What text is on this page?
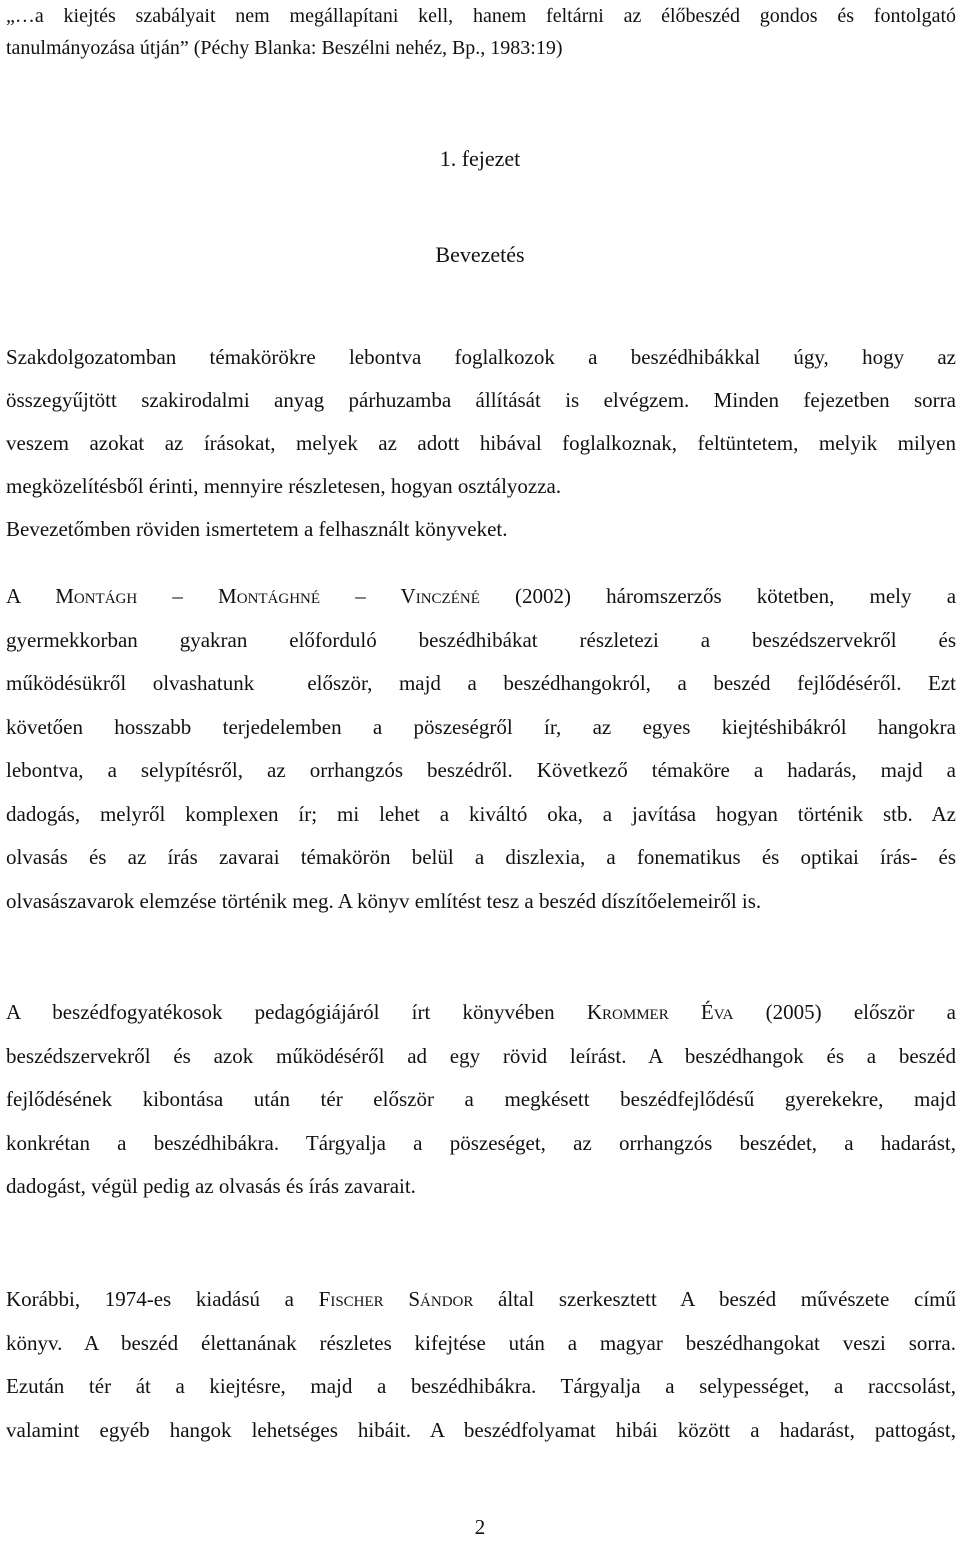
„…a kiejtés szabályait nem megállapítani kell, hanem feltárni az élőbeszéd gondos és fontolgató
tanulmányozása útján” (Péchy Blanka: Beszélni nehéz, Bp., 1983:19)
1. fejezet
Bevezetés
Szakdolgozatomban témakörökre lebontva foglalkozok a beszédhibákkal úgy, hogy az
összegyűjtött szakirodalmi anyag párhuzamba állítását is elvégzem. Minden fejezetben sorra
veszem azokat az írásokat, melyek az adott hibával foglalkoznak, feltüntetem, melyik milyen
megközelítésből érinti, mennyire részletesen, hogyan osztályozza.
Bevezetőmben röviden ismertetem a felhasznált könyveket.
A Montágh – Montághné – Vinczéné (2002) háromszerzős kötetben, mely a
gyermekkorban gyakran előforduló beszédhibákat részletezi a beszédszervekről és
működésükről olvashatunk  először, majd a beszédhangokról, a beszéd fejlődéséről. Ezt
követően hosszabb terjedelemben a pöszeségről ír, az egyes kiejtéshibákról hangokra
lebontva, a selypítésről, az orrhangzós beszédről. Következő témaköre a hadarás, majd a
dadogás, melyről komplexen ír; mi lehet a kiváltó oka, a javítása hogyan történik stb. Az
olvasás és az írás zavarai témakörön belül a diszlexia, a fonematikus és optikai írás- és
olvasászavarok elemzése történik meg. A könyv említést tesz a beszéd díszítőelemeiről is.
A beszédfogyatékosok pedagógiájáról írt könyvében Krommer Éva (2005) először a
beszédszervekről és azok működéséről ad egy rövid leírást. A beszédhangok és a beszéd
fejlődésének kibontása után tér először a megkésett beszédfejlődésű gyerekekre, majd
konkrétan a beszédhibákra. Tárgyalja a pöszeséget, az orrhangzós beszédet, a hadarást,
dadogást, végül pedig az olvasás és írás zavarait.
Korábbi, 1974-es kiadású a Fischer Sándor által szerkesztett A beszéd művészete című
könyv. A beszéd élettanának részletes kifejtése után a magyar beszédhangokat veszi sorra.
Ezután tér át a kiejtésre, majd a beszédhibákra. Tárgyalja a selypességet, a raccsolást,
valamint egyéb hangok lehetséges hibáit. A beszédfolyamat hibái között a hadarást, pattogást,
2
